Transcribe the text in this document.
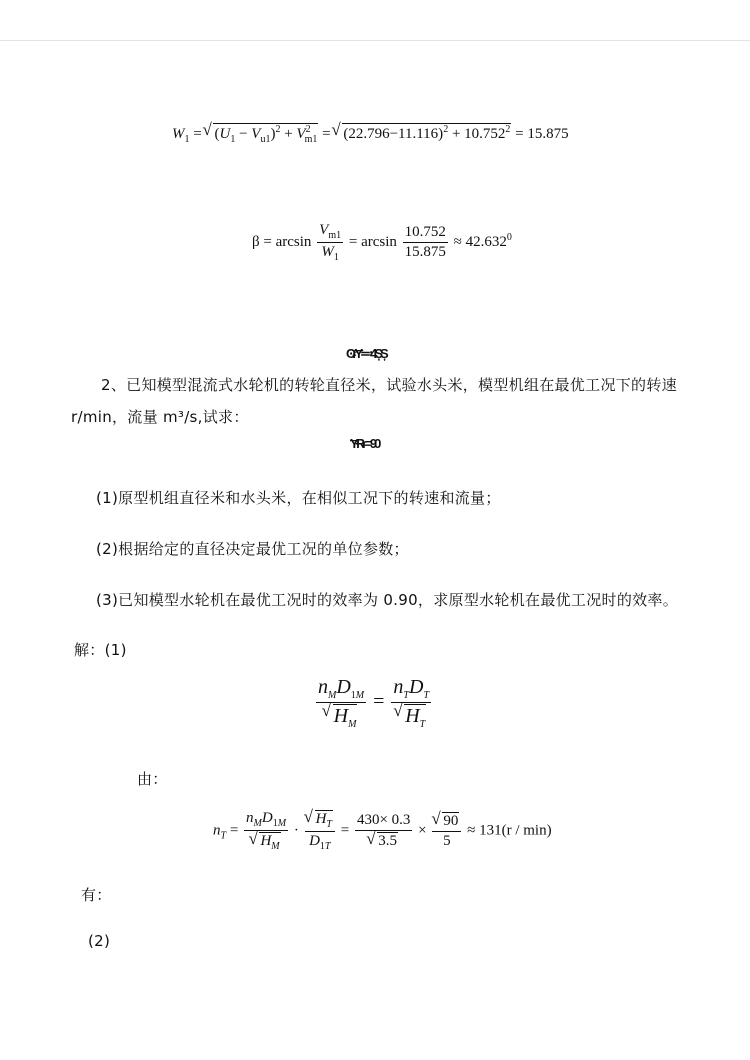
$W_1$ = √ $(U_1 - V_{u1})^2 + V^2_{m1}$ = √ $(22.796-11.116)^2 + 10.752^2 = 15.875$
$\beta = \arcsin \frac{V_{m1}}{W_1} = \arcsin \frac{10.752}{15.875} \approx 42.632^0$
ϾɍɎ≕4ȘȘ
2、已知模型混流式水轮机的转轮直径米，试验水头米，模型机组在最优工况下的转速
r/min，流量 m³/s,试求：
ɎɌɍ = 90
(1)原型机组直径米和水头米，在相似工况下的转速和流量；
(2)根据给定的直径决定最优工况的单位参数；
(3)已知模型水轮机在最优工况时的效率为 0.90，求原型水轮机在最优工况时的效率。
解：(1)
$n_MD_{1M}$
√ $H_M = n_TD_T$
√ $H_T$
由：
$n_T = n_MD_{1M}$
√ $H_M$ · √ $\frac{H_T}{D_{1T}} = 430\times 0.3$
√ 3.5 × √ $\frac{90}{5} \approx 131(r / \min)$
有：
(2)
